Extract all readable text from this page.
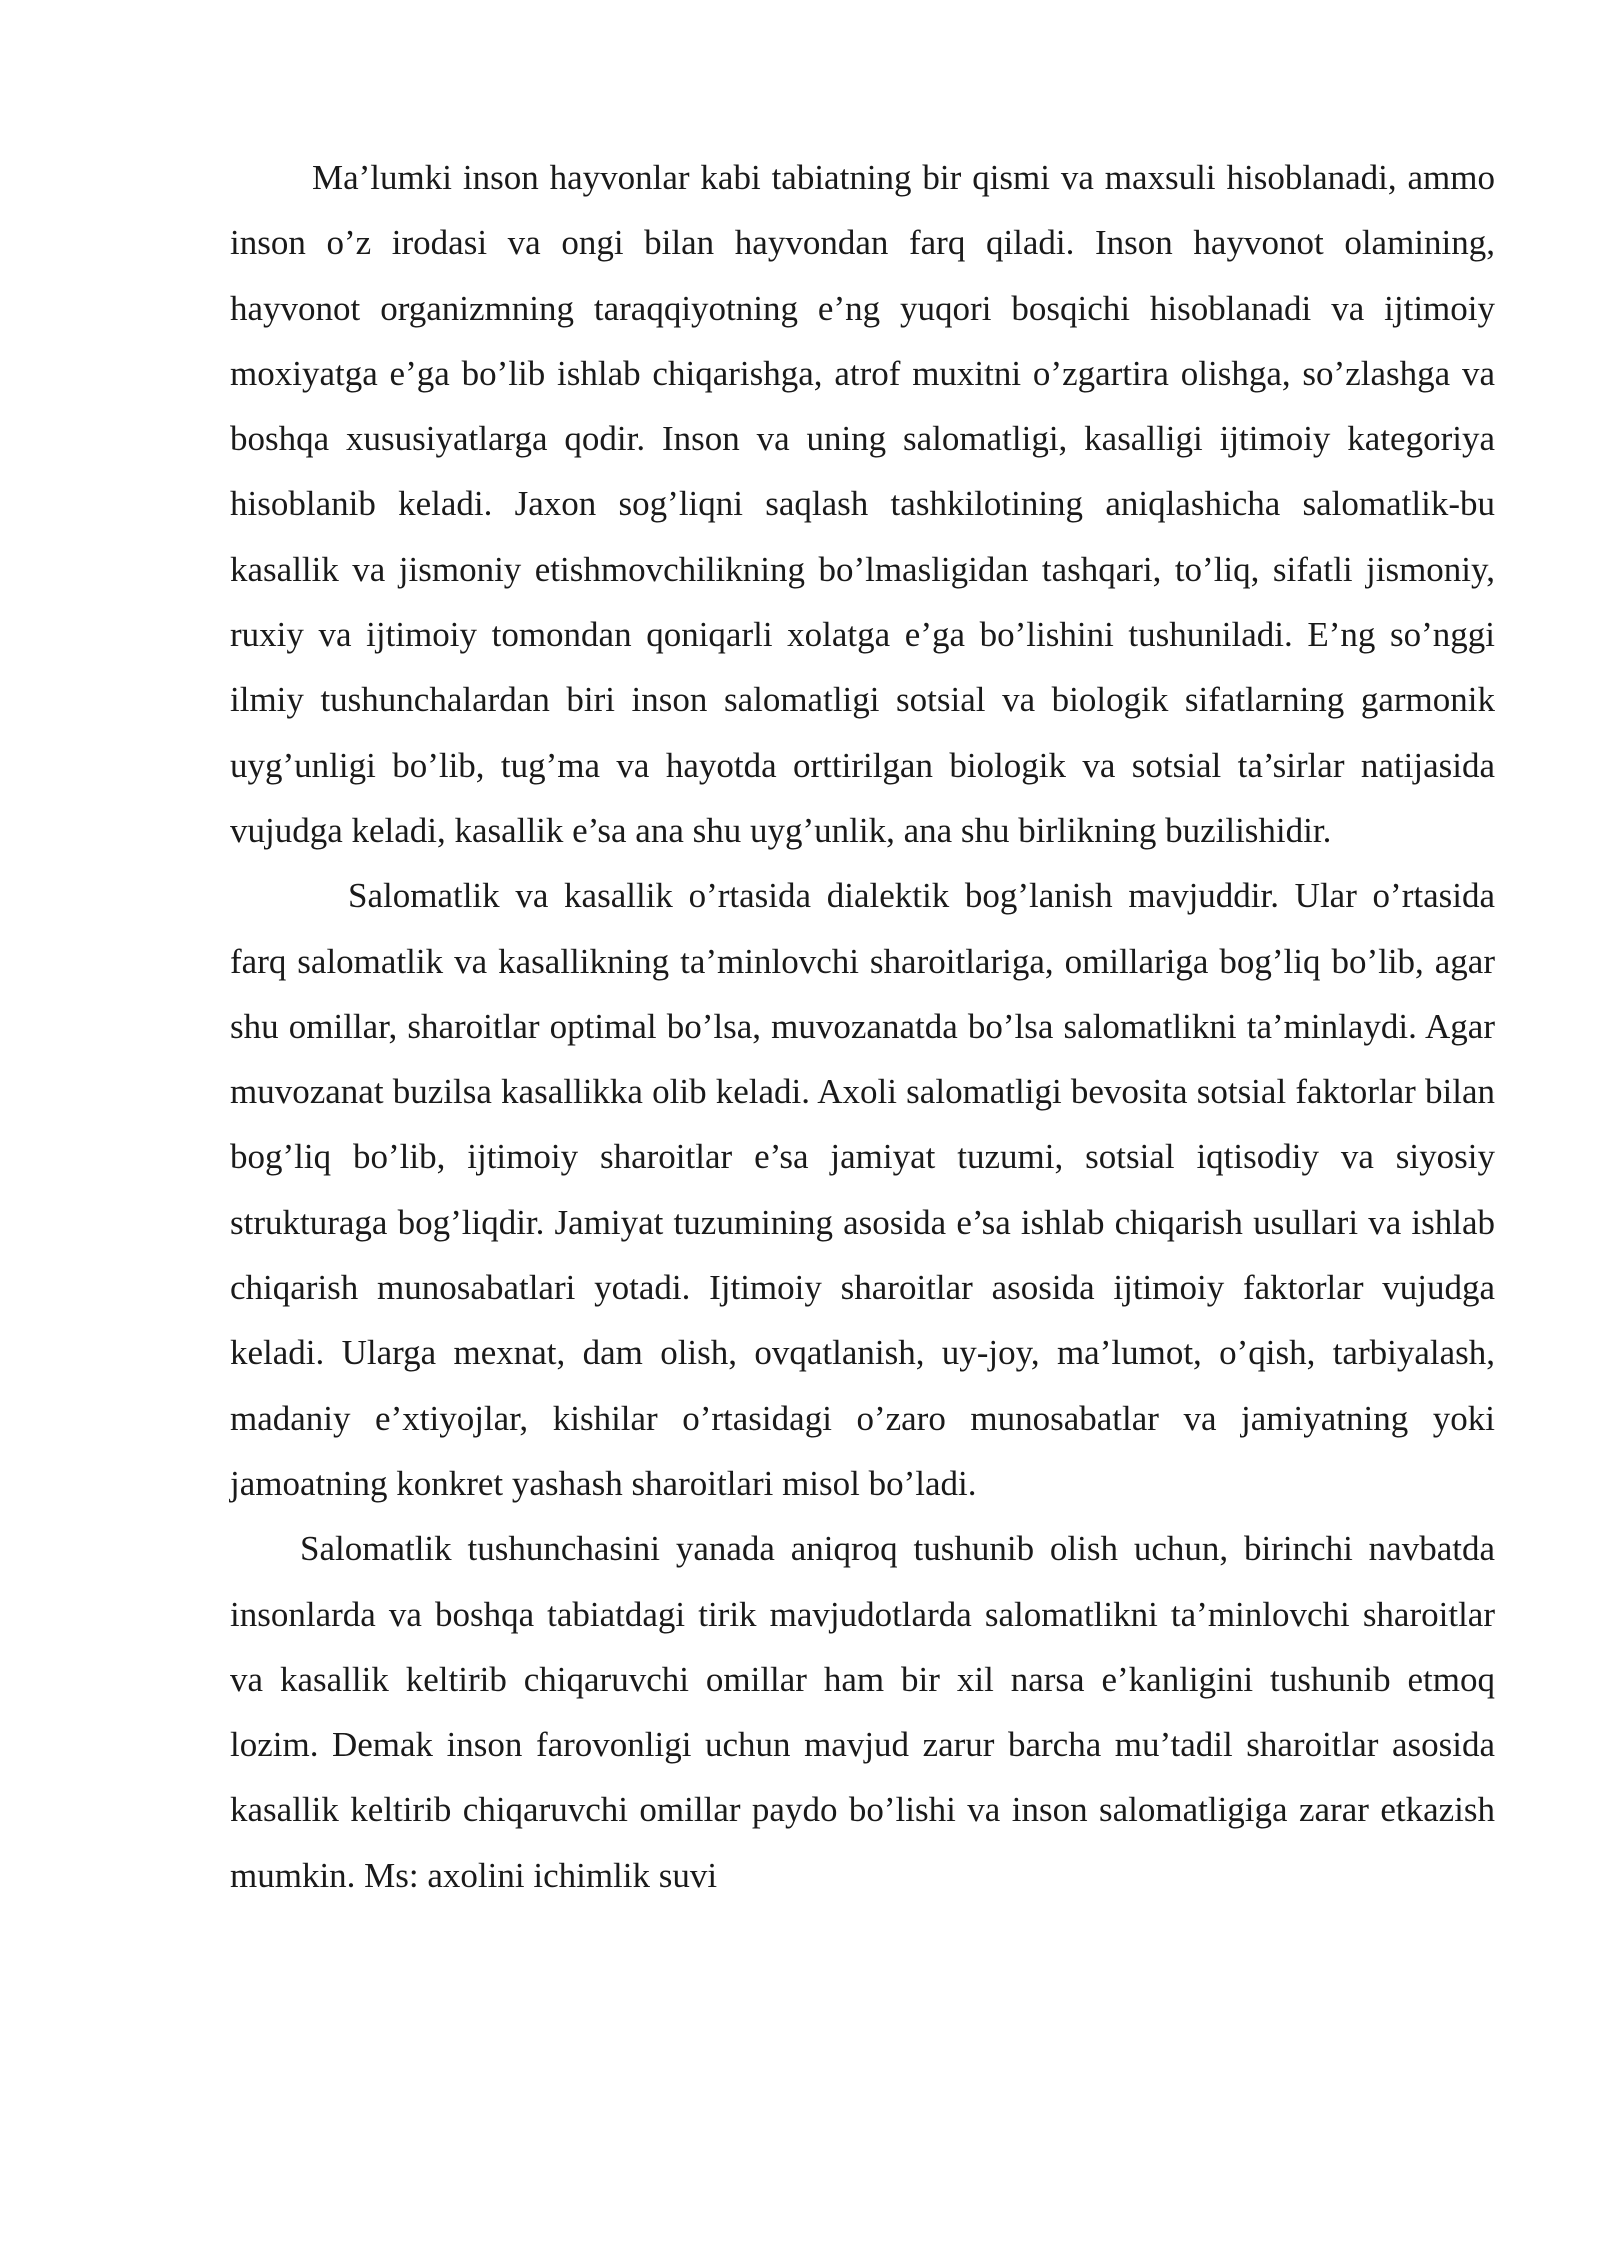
Ma’lumki inson hayvonlar kabi tabiatning bir qismi va maxsuli hisoblanadi, ammo inson o’z irodasi va ongi bilan hayvondan farq qiladi. Inson hayvonot olamining, hayvonot organizmning taraqqiyotning e’ng yuqori bosqichi hisoblanadi va ijtimoiy moxiyatga e’ga bo’lib ishlab chiqarishga, atrof muxitni o’zgartira olishga, so’zlashga va boshqa xususiyatlarga qodir. Inson va uning salomatligi, kasalligi ijtimoiy kategoriya hisoblanib keladi. Jaxon sog’liqni saqlash tashkilotining aniqlashicha salomatlik-bu kasallik va jismoniy etishmovchilikning bo’lmasligidan tashqari, to’liq, sifatli jismoniy, ruxiy va ijtimoiy tomondan qoniqarli xolatga e’ga bo’lishini tushuniladi. E’ng so’nggi ilmiy tushunchalardan biri inson salomatligi sotsial va biologik sifatlarning garmonik uyg’unligi bo’lib, tug’ma va hayotda orttirilgan biologik va sotsial ta’sirlar natijasida vujudga keladi, kasallik e’sa ana shu uyg’unlik, ana shu birlikning buzilishidir.

Salomatlik va kasallik o’rtasida dialektik bog’lanish mavjuddir. Ular o’rtasida farq salomatlik va kasallikning ta’minlovchi sharoitlariga, omillariga bog’liq bo’lib, agar shu omillar, sharoitlar optimal bo’lsa, muvozanatda bo’lsa salomatlikni ta’minlaydi. Agar muvozanat buzilsa kasallikka olib keladi. Axoli salomatligi bevosita sotsial faktorlar bilan bog’liq bo’lib, ijtimoiy sharoitlar e’sa jamiyat tuzumi, sotsial iqtisodiy va siyosiy strukturaga bog’liqdir. Jamiyat tuzumining asosida e’sa ishlab chiqarish usullari va ishlab chiqarish munosabatlari yotadi. Ijtimoiy sharoitlar asosida ijtimoiy faktorlar vujudga keladi. Ularga mexnat, dam olish, ovqatlanish, uy-joy, ma’lumot, o’qish, tarbiyalash, madaniy e’xtiyojlar, kishilar o’rtasidagi o’zaro munosabatlar va jamiyatning yoki jamoatning konkret yashash sharoitlari misol bo’ladi.

Salomatlik tushunchasini yanada aniqroq tushunib olish uchun, birinchi navbatda insonlarda va boshqa tabiatdagi tirik mavjudotlarda salomatlikni ta’minlovchi sharoitlar va kasallik keltirib chiqaruvchi omillar ham bir xil narsa e’kanligini tushunib etmoq lozim. Demak inson farovonligi uchun mavjud zarur barcha mu’tadil sharoitlar asosida kasallik keltirib chiqaruvchi omillar paydo bo’lishi va inson salomatligiga zarar etkazish mumkin. Ms: axolini ichimlik suvi
